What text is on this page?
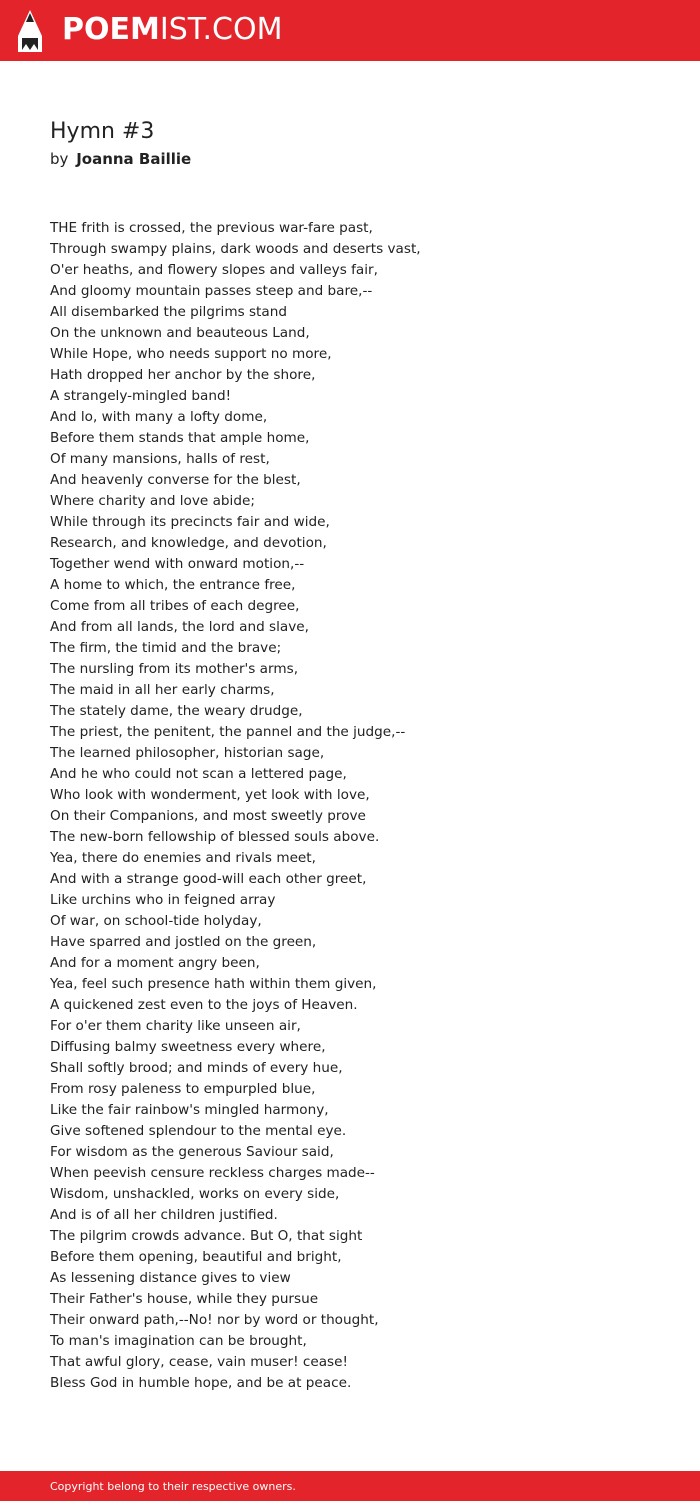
POEMIST.COM
Hymn #3
by Joanna Baillie
THE frith is crossed, the previous war-fare past,
Through swampy plains, dark woods and deserts vast,
O'er heaths, and flowery slopes and valleys fair,
And gloomy mountain passes steep and bare,--
All disembarked the pilgrims stand
On the unknown and beauteous Land,
While Hope, who needs support no more,
Hath dropped her anchor by the shore,
A strangely-mingled band!
And lo, with many a lofty dome,
Before them stands that ample home,
Of many mansions, halls of rest,
And heavenly converse for the blest,
Where charity and love abide;
While through its precincts fair and wide,
Research, and knowledge, and devotion,
Together wend with onward motion,--
A home to which, the entrance free,
Come from all tribes of each degree,
And from all lands, the lord and slave,
The firm, the timid and the brave;
The nursling from its mother's arms,
The maid in all her early charms,
The stately dame, the weary drudge,
The priest, the penitent, the pannel and the judge,--
The learned philosopher, historian sage,
And he who could not scan a lettered page,
Who look with wonderment, yet look with love,
On their Companions, and most sweetly prove
The new-born fellowship of blessed souls above.
Yea, there do enemies and rivals meet,
And with a strange good-will each other greet,
Like urchins who in feigned array
Of war, on school-tide holyday,
Have sparred and jostled on the green,
And for a moment angry been,
Yea, feel such presence hath within them given,
A quickened zest even to the joys of Heaven.
For o'er them charity like unseen air,
Diffusing balmy sweetness every where,
Shall softly brood; and minds of every hue,
From rosy paleness to empurpled blue,
Like the fair rainbow's mingled harmony,
Give softened splendour to the mental eye.
For wisdom as the generous Saviour said,
When peevish censure reckless charges made--
Wisdom, unshackled, works on every side,
And is of all her children justified.
The pilgrim crowds advance. But O, that sight
Before them opening, beautiful and bright,
As lessening distance gives to view
Their Father's house, while they pursue
Their onward path,--No! nor by word or thought,
To man's imagination can be brought,
That awful glory, cease, vain muser! cease!
Bless God in humble hope, and be at peace.
Copyright belong to their respective owners.
